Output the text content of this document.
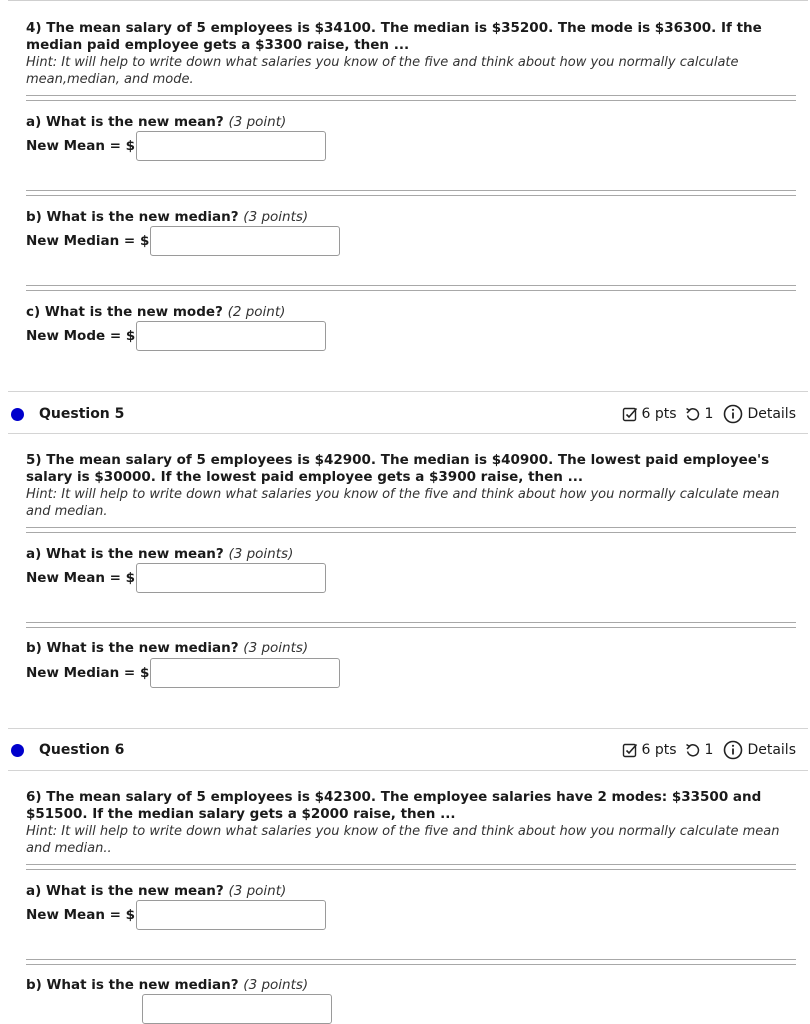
4) The mean salary of 5 employees is $34100. The median is $35200. The mode is $36300. If the median paid employee gets a $3300 raise, then ...
Hint: It will help to write down what salaries you know of the five and think about how you normally calculate mean,median, and mode.
a) What is the new mean? (3 point)
New Mean = $
b) What is the new median? (3 points)
New Median = $
c) What is the new mode? (2 point)
New Mode = $
Question 5	6 pts 1 Details
5) The mean salary of 5 employees is $42900. The median is $40900. The lowest paid employee's salary is $30000. If the lowest paid employee gets a $3900 raise, then ...
Hint: It will help to write down what salaries you know of the five and think about how you normally calculate mean and median.
a) What is the new mean? (3 points)
New Mean = $
b) What is the new median? (3 points)
New Median = $
Question 6	6 pts 1 Details
6) The mean salary of 5 employees is $42300. The employee salaries have 2 modes: $33500 and $51500. If the median salary gets a $2000 raise, then ...
Hint: It will help to write down what salaries you know of the five and think about how you normally calculate mean and median..
a) What is the new mean? (3 point)
New Mean = $
b) What is the new median? (3 points)
